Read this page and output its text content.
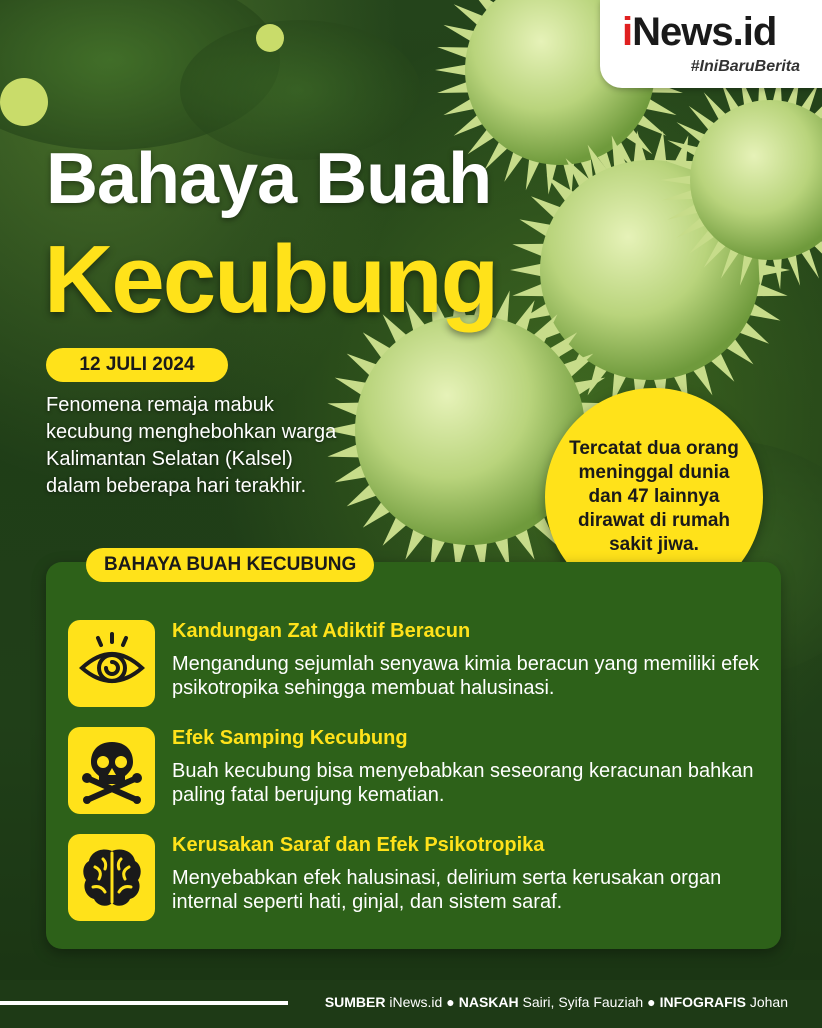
iNews.id
#IniBaruBerita
Bahaya Buah
Kecubung
12 JULI 2024
Fenomena remaja mabuk kecubung menghebohkan warga Kalimantan Selatan (Kalsel) dalam beberapa hari terakhir.
Tercatat dua orang meninggal dunia dan 47 lainnya dirawat di rumah sakit jiwa.
BAHAYA BUAH KECUBUNG
Kandungan Zat Adiktif Beracun
Mengandung sejumlah senyawa kimia beracun yang memiliki efek psikotropika sehingga membuat halusinasi.
Efek Samping Kecubung
Buah kecubung bisa menyebabkan seseorang keracunan bahkan paling fatal berujung kematian.
Kerusakan Saraf dan Efek Psikotropika
Menyebabkan efek halusinasi, delirium serta kerusakan organ internal seperti hati, ginjal, dan sistem saraf.
SUMBER iNews.id ● NASKAH Sairi, Syifa Fauziah ● INFOGRAFIS Johan
